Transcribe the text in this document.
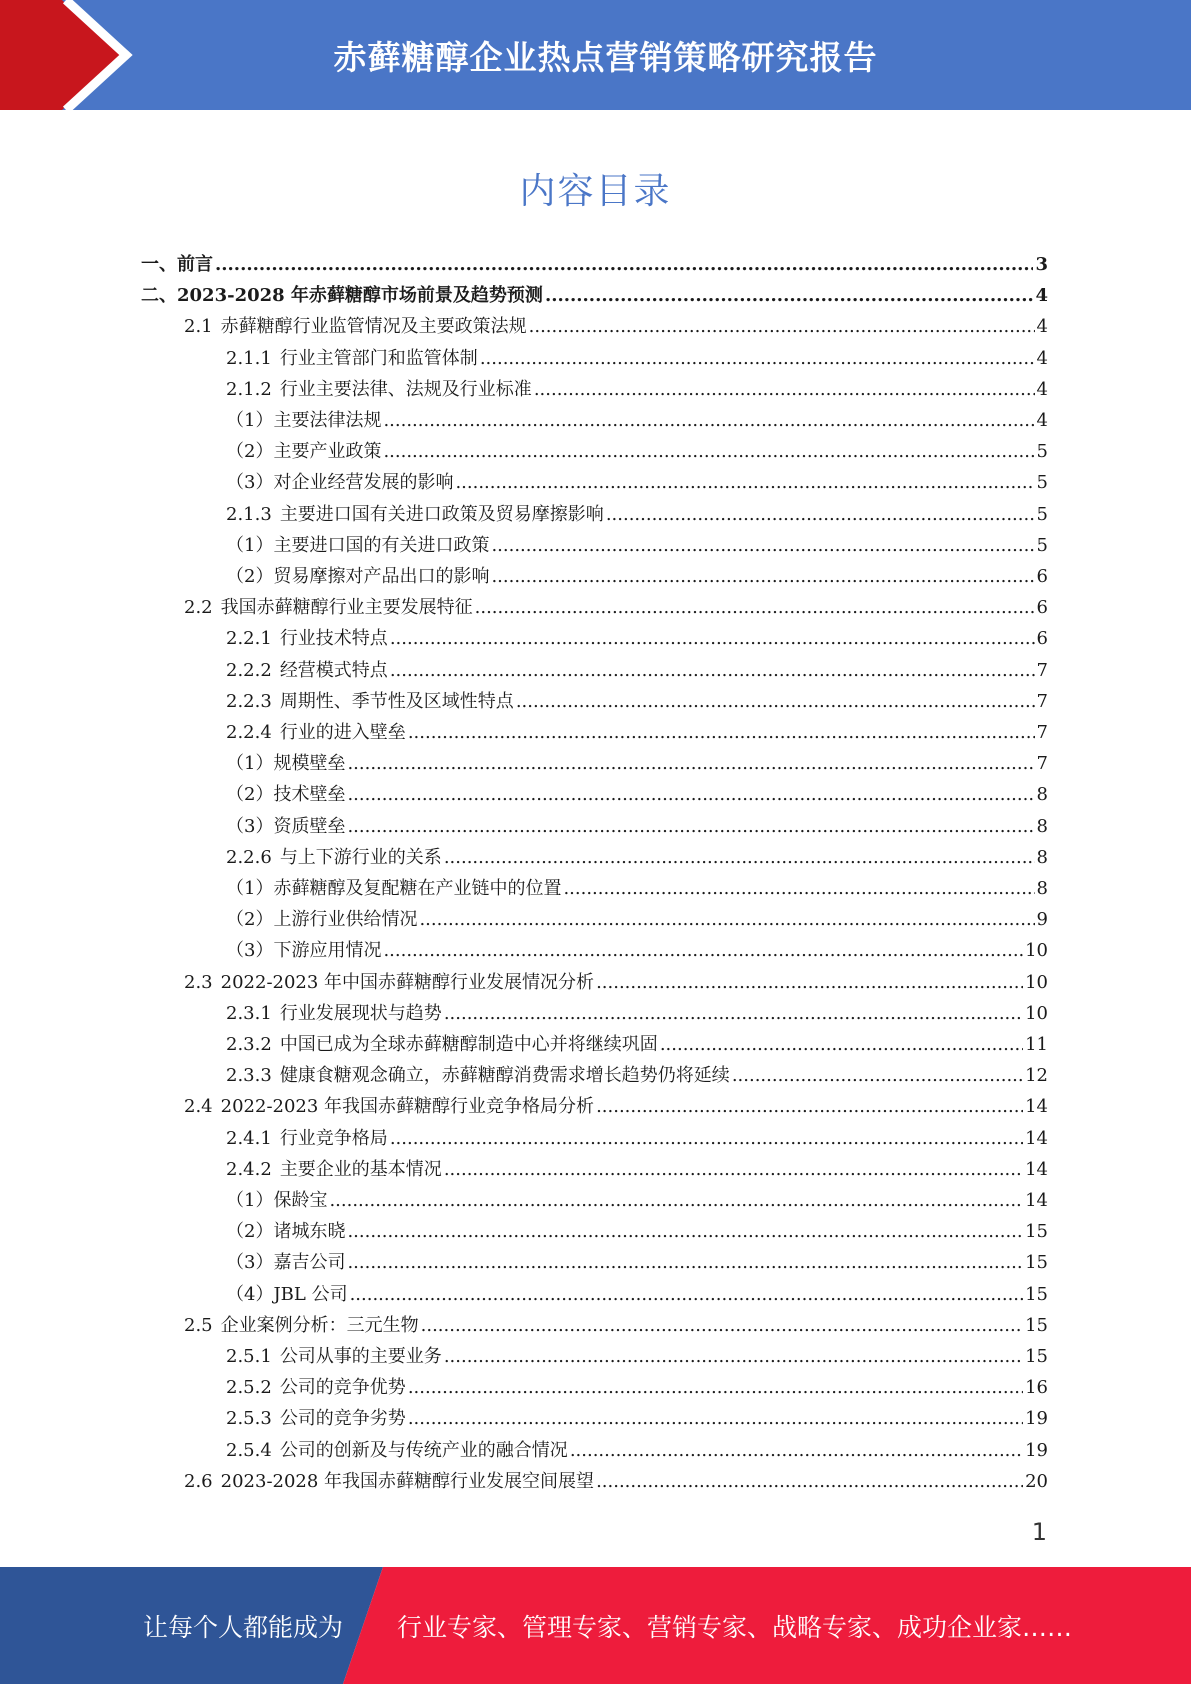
赤藓糖醇企业热点营销策略研究报告
内容目录
一、 前言 .....	3
二、 2023-2028 年赤藓糖醇市场前景及趋势预测 .....	4
2.1 赤藓糖醇行业监管情况及主要政策法规 .....	4
2.1.1 行业主管部门和监管体制 .....	4
2.1.2 行业主要法律、法规及行业标准 .....	4
（1） 主要法律法规 .....	4
（2） 主要产业政策 .....	5
（3） 对企业经营发展的影响 .....	5
2.1.3 主要进口国有关进口政策及贸易摩擦影响 .....	5
（1） 主要进口国的有关进口政策 .....	5
（2） 贸易摩擦对产品出口的影响 .....	6
2.2 我国赤藓糖醇行业主要发展特征 .....	6
2.2.1 行业技术特点 .....	6
2.2.2 经营模式特点 .....	7
2.2.3 周期性、季节性及区域性特点 .....	7
2.2.4 行业的进入壁垒 .....	7
（1） 规模壁垒 .....	7
（2） 技术壁垒 .....	8
（3） 资质壁垒 .....	8
2.2.6 与上下游行业的关系 .....	8
（1） 赤藓糖醇及复配糖在产业链中的位置 .....	8
（2） 上游行业供给情况 .....	9
（3） 下游应用情况 .....	10
2.3 2022-2023 年中国赤藓糖醇行业发展情况分析 .....	10
2.3.1 行业发展现状与趋势 .....	10
2.3.2 中国已成为全球赤藓糖醇制造中心并将继续巩固 .....	11
2.3.3 健康食糖观念确立，赤藓糖醇消费需求增长趋势仍将延续 .....	12
2.4 2022-2023 年我国赤藓糖醇行业竞争格局分析 .....	14
2.4.1 行业竞争格局 .....	14
2.4.2 主要企业的基本情况 .....	14
（1） 保龄宝 .....	14
（2） 诸城东晓 .....	15
（3） 嘉吉公司 .....	15
（4） JBL 公司 .....	15
2.5 企业案例分析：三元生物 .....	15
2.5.1 公司从事的主要业务 .....	15
2.5.2 公司的竞争优势 .....	16
2.5.3 公司的竞争劣势 .....	19
2.5.4 公司的创新及与传统产业的融合情况 .....	19
2.6 2023-2028 年我国赤藓糖醇行业发展空间展望 .....	20
1
让每个人都能成为 行业专家、管理专家、营销专家、战略专家、成功企业家……
